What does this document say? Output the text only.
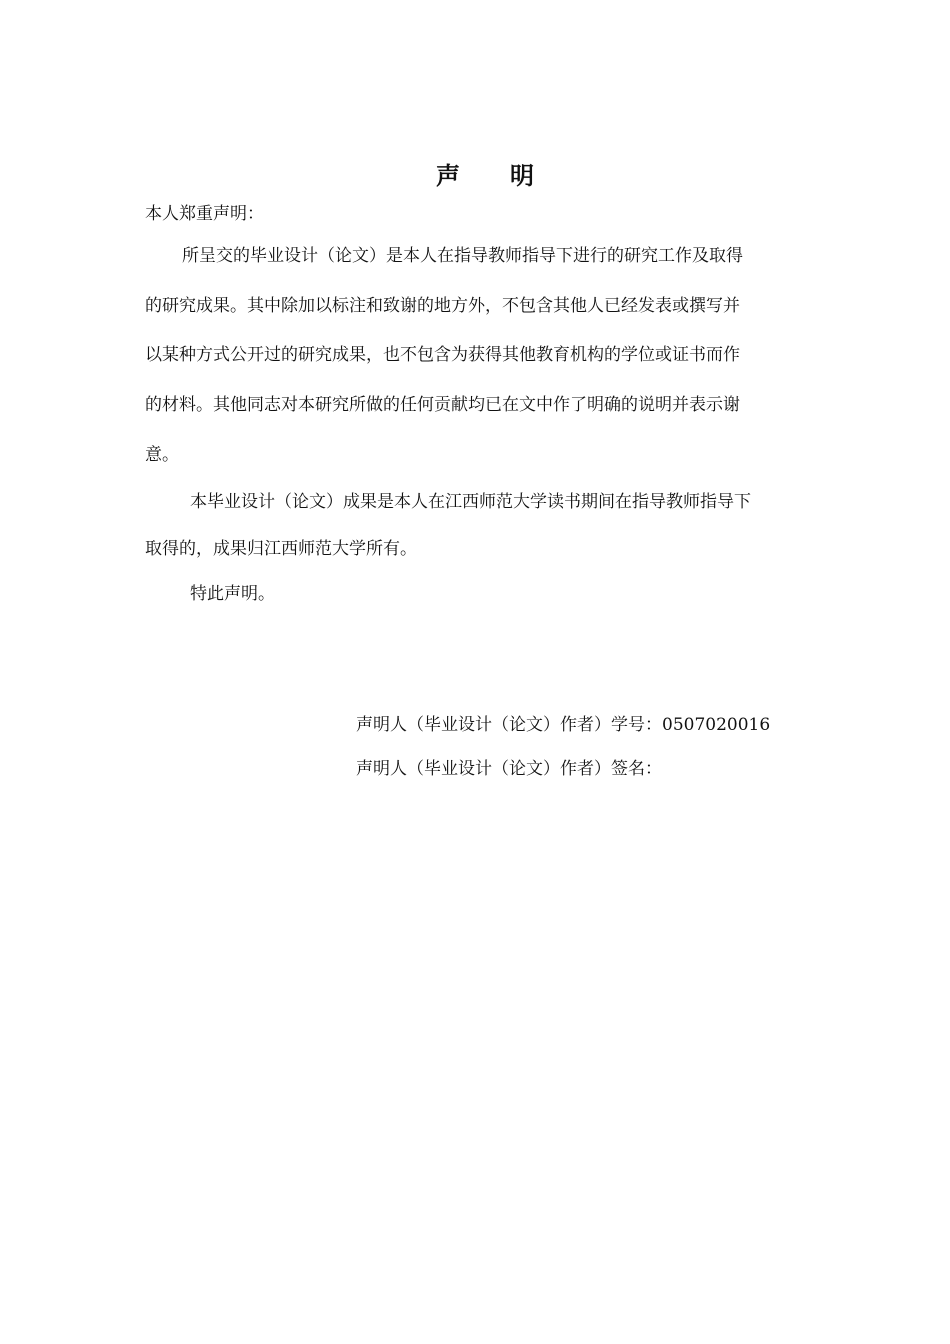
声 明
本人郑重声明：
所呈交的毕业设计（论文）是本人在指导教师指导下进行的研究工作及取得
的研究成果。其中除加以标注和致谢的地方外，不包含其他人已经发表或撰写并
以某种方式公开过的研究成果，也不包含为获得其他教育机构的学位或证书而作
的材料。其他同志对本研究所做的任何贡献均已在文中作了明确的说明并表示谢
意。
本毕业设计（论文）成果是本人在江西师范大学读书期间在指导教师指导下
取得的，成果归江西师范大学所有。
特此声明。
声明人（毕业设计（论文）作者）学号：0507020016
声明人（毕业设计（论文）作者）签名：
